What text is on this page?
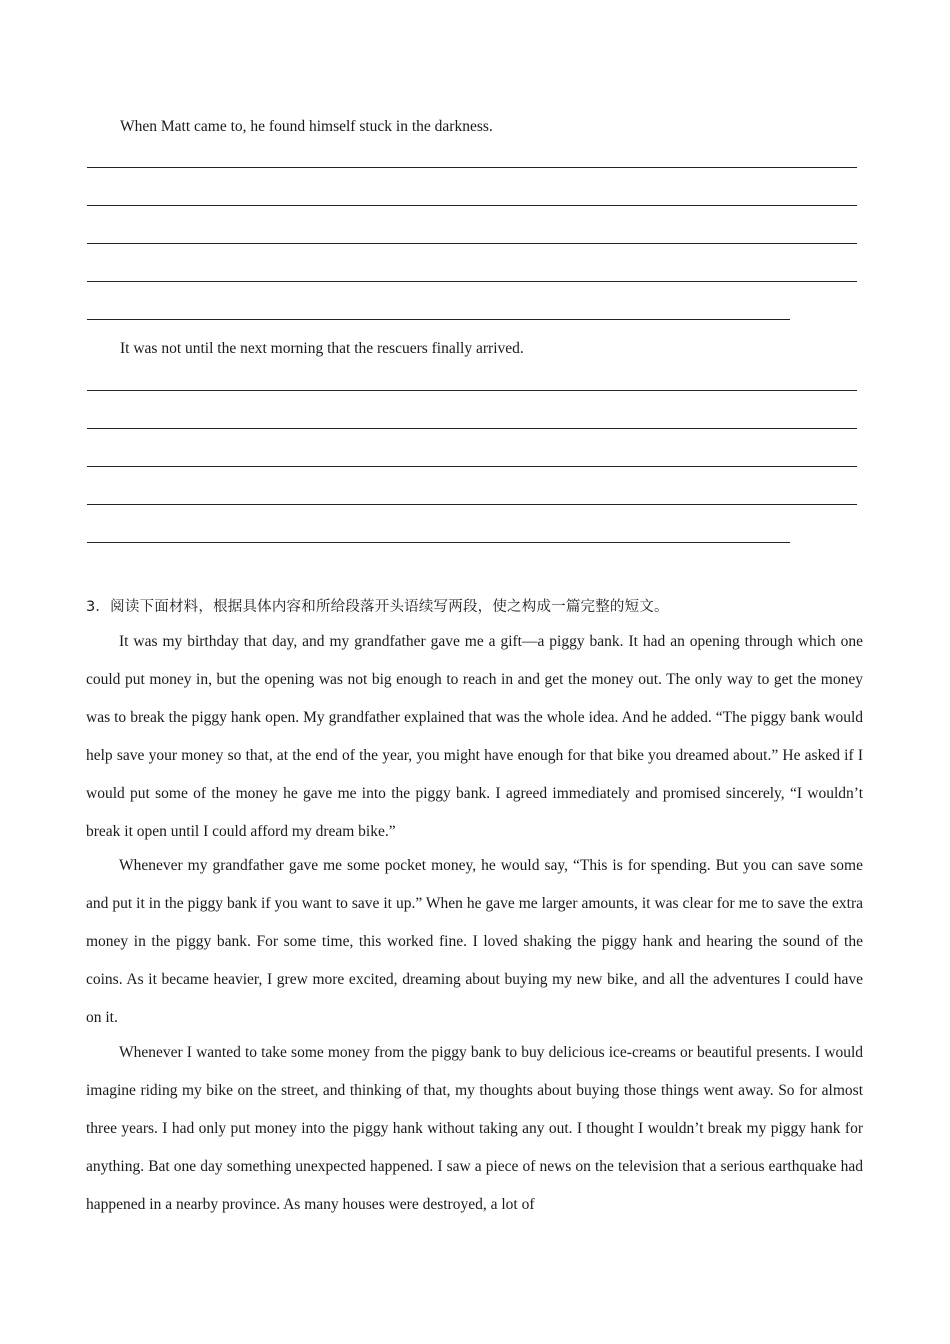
When Matt came to, he found himself stuck in the darkness.
It was not until the next morning that the rescuers finally arrived.
3．阅读下面材料，根据具体内容和所给段落开头语续写两段，使之构成一篇完整的短文。

It was my birthday that day, and my grandfather gave me a gift—a piggy bank. It had an opening through which one could put money in, but the opening was not big enough to reach in and get the money out. The only way to get the money was to break the piggy hank open. My grandfather explained that was the whole idea. And he added. “The piggy bank would help save your money so that, at the end of the year, you might have enough for that bike you dreamed about.” He asked if I would put some of the money he gave me into the piggy bank. I agreed immediately and promised sincerely, “I wouldn’t break it open until I could afford my dream bike.”

Whenever my grandfather gave me some pocket money, he would say, “This is for spending. But you can save some and put it in the piggy bank if you want to save it up.” When he gave me larger amounts, it was clear for me to save the extra money in the piggy bank. For some time, this worked fine. I loved shaking the piggy hank and hearing the sound of the coins. As it became heavier, I grew more excited, dreaming about buying my new bike, and all the adventures I could have on it.

Whenever I wanted to take some money from the piggy bank to buy delicious ice-creams or beautiful presents. I would imagine riding my bike on the street, and thinking of that, my thoughts about buying those things went away. So for almost three years. I had only put money into the piggy hank without taking any out. I thought I wouldn’t break my piggy hank for anything. Bat one day something unexpected happened. I saw a piece of news on the television that a serious earthquake had happened in a nearby province. As many houses were destroyed, a lot of
